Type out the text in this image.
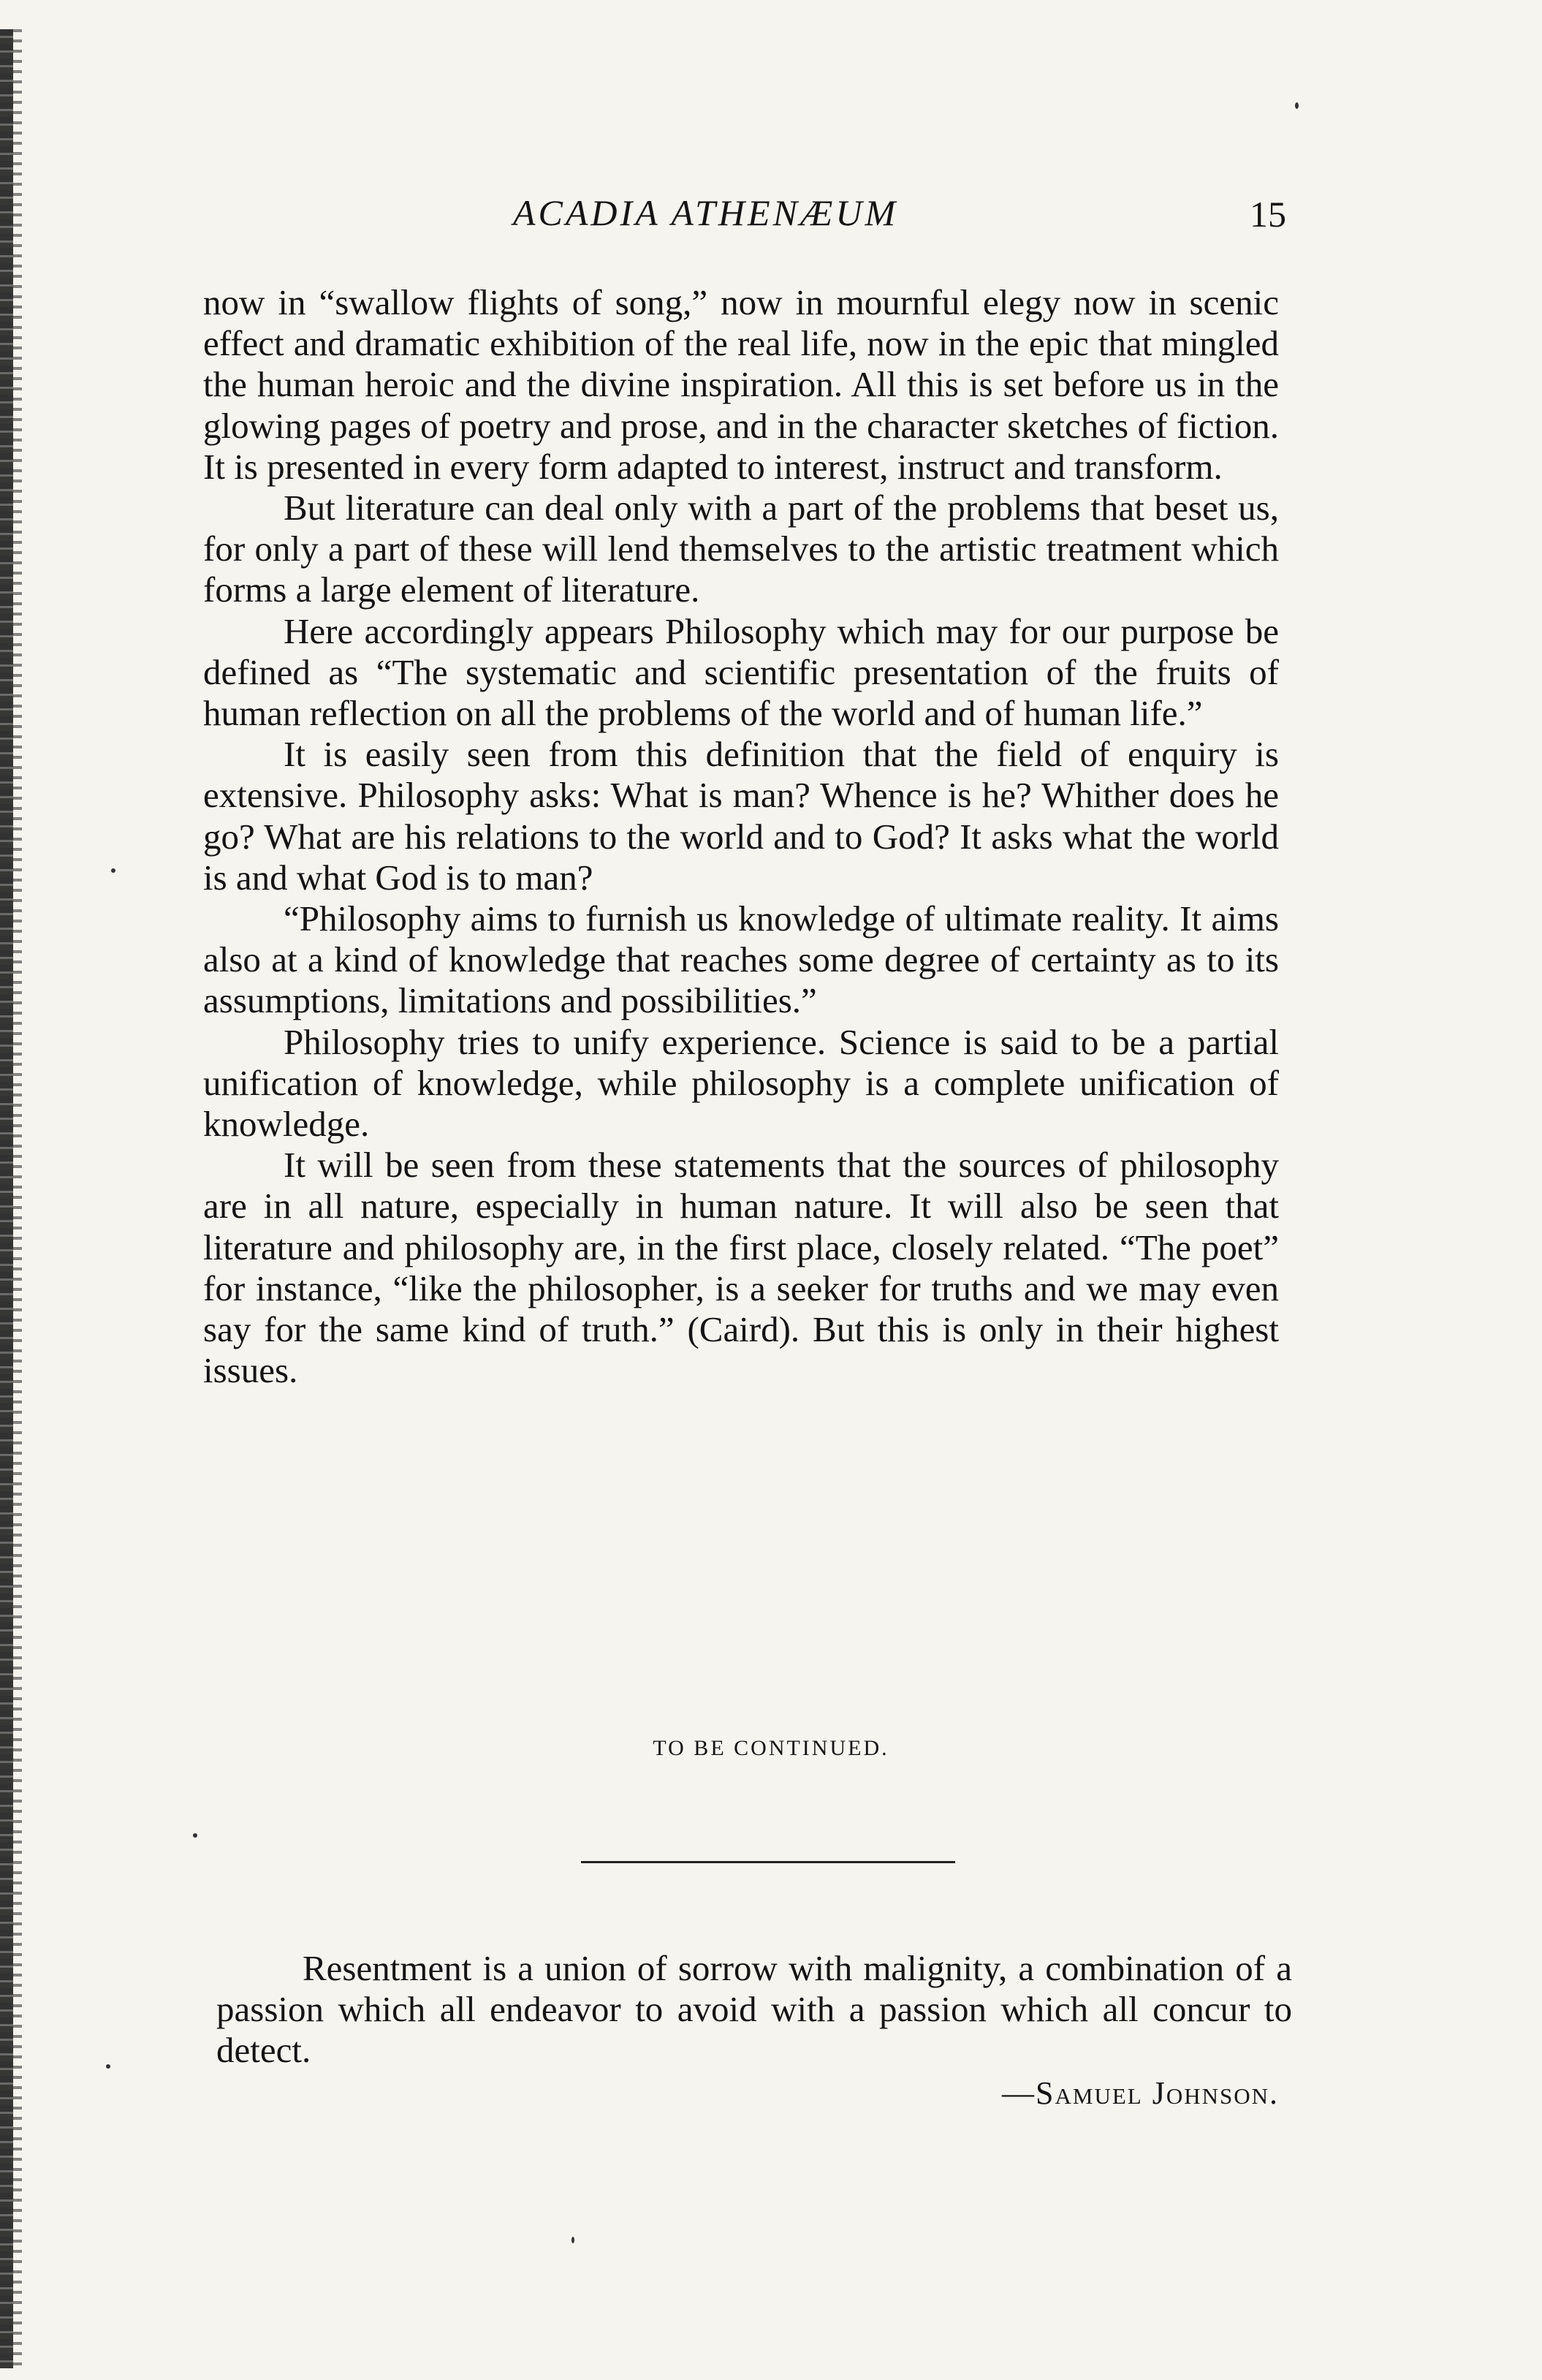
ACADIA ATHENÆUM	15

now in “swallow flights of song,” now in mournful elegy now in scenic effect and dramatic exhibition of the real life, now in the epic that mingled the human heroic and the divine inspiration. All this is set before us in the glowing pages of poetry and prose, and in the character sketches of fiction. It is presented in every form adapted to interest, instruct and transform.

But literature can deal only with a part of the problems that beset us, for only a part of these will lend themselves to the artistic treatment which forms a large element of literature.

Here accordingly appears Philosophy which may for our purpose be defined as “The systematic and scientific presentation of the fruits of human reflection on all the problems of the world and of human life.”

It is easily seen from this definition that the field of enquiry is extensive. Philosophy asks: What is man? Whence is he? Whither does he go? What are his relations to the world and to God? It asks what the world is and what God is to man?

“Philosophy aims to furnish us knowledge of ultimate reality. It aims also at a kind of knowledge that reaches some degree of certainty as to its assumptions, limitations and possibilities.”

Philosophy tries to unify experience. Science is said to be a partial unification of knowledge, while philosophy is a complete unification of knowledge.

It will be seen from these statements that the sources of philosophy are in all nature, especially in human nature. It will also be seen that literature and philosophy are, in the first place, closely related. “The poet” for instance, “like the philosopher, is a seeker for truths and we may even say for the same kind of truth.” (Caird). But this is only in their highest issues.

TO BE CONTINUED.

Resentment is a union of sorrow with malignity, a combination of a passion which all endeavor to avoid with a passion which all concur to detect.

—Samuel Johnson.
